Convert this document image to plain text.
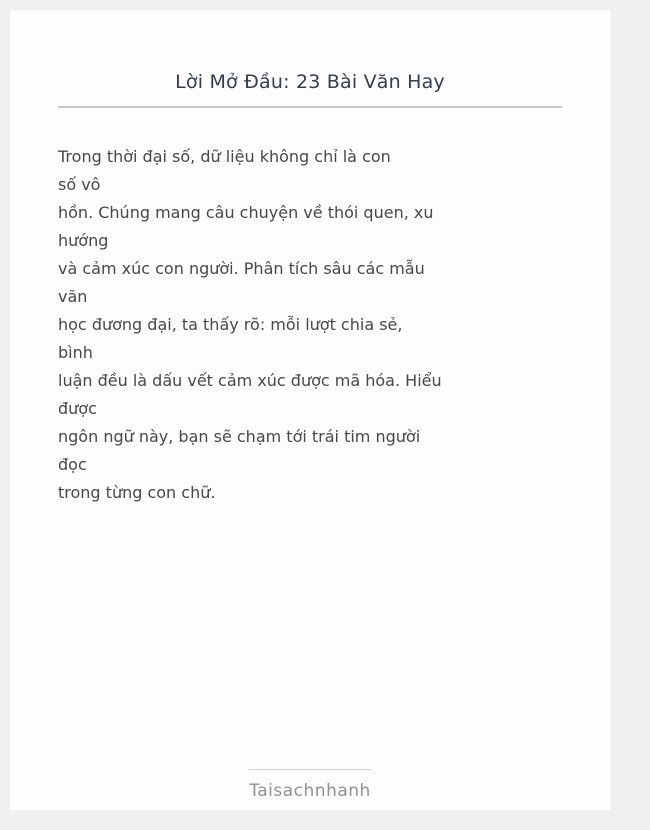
Lời Mở Đầu: 23 Bài Văn Hay
Trong thời đại số, dữ liệu không chỉ là con
số vô
hồn. Chúng mang câu chuyện về thói quen, xu
hướng
và cảm xúc con người. Phân tích sâu các mẫu
văn
học đương đại, ta thấy rõ: mỗi lượt chia sẻ,
bình
luận đều là dấu vết cảm xúc được mã hóa. Hiểu
được
ngôn ngữ này, bạn sẽ chạm tới trái tim người
đọc
trong từng con chữ.
Taisachnhanh
